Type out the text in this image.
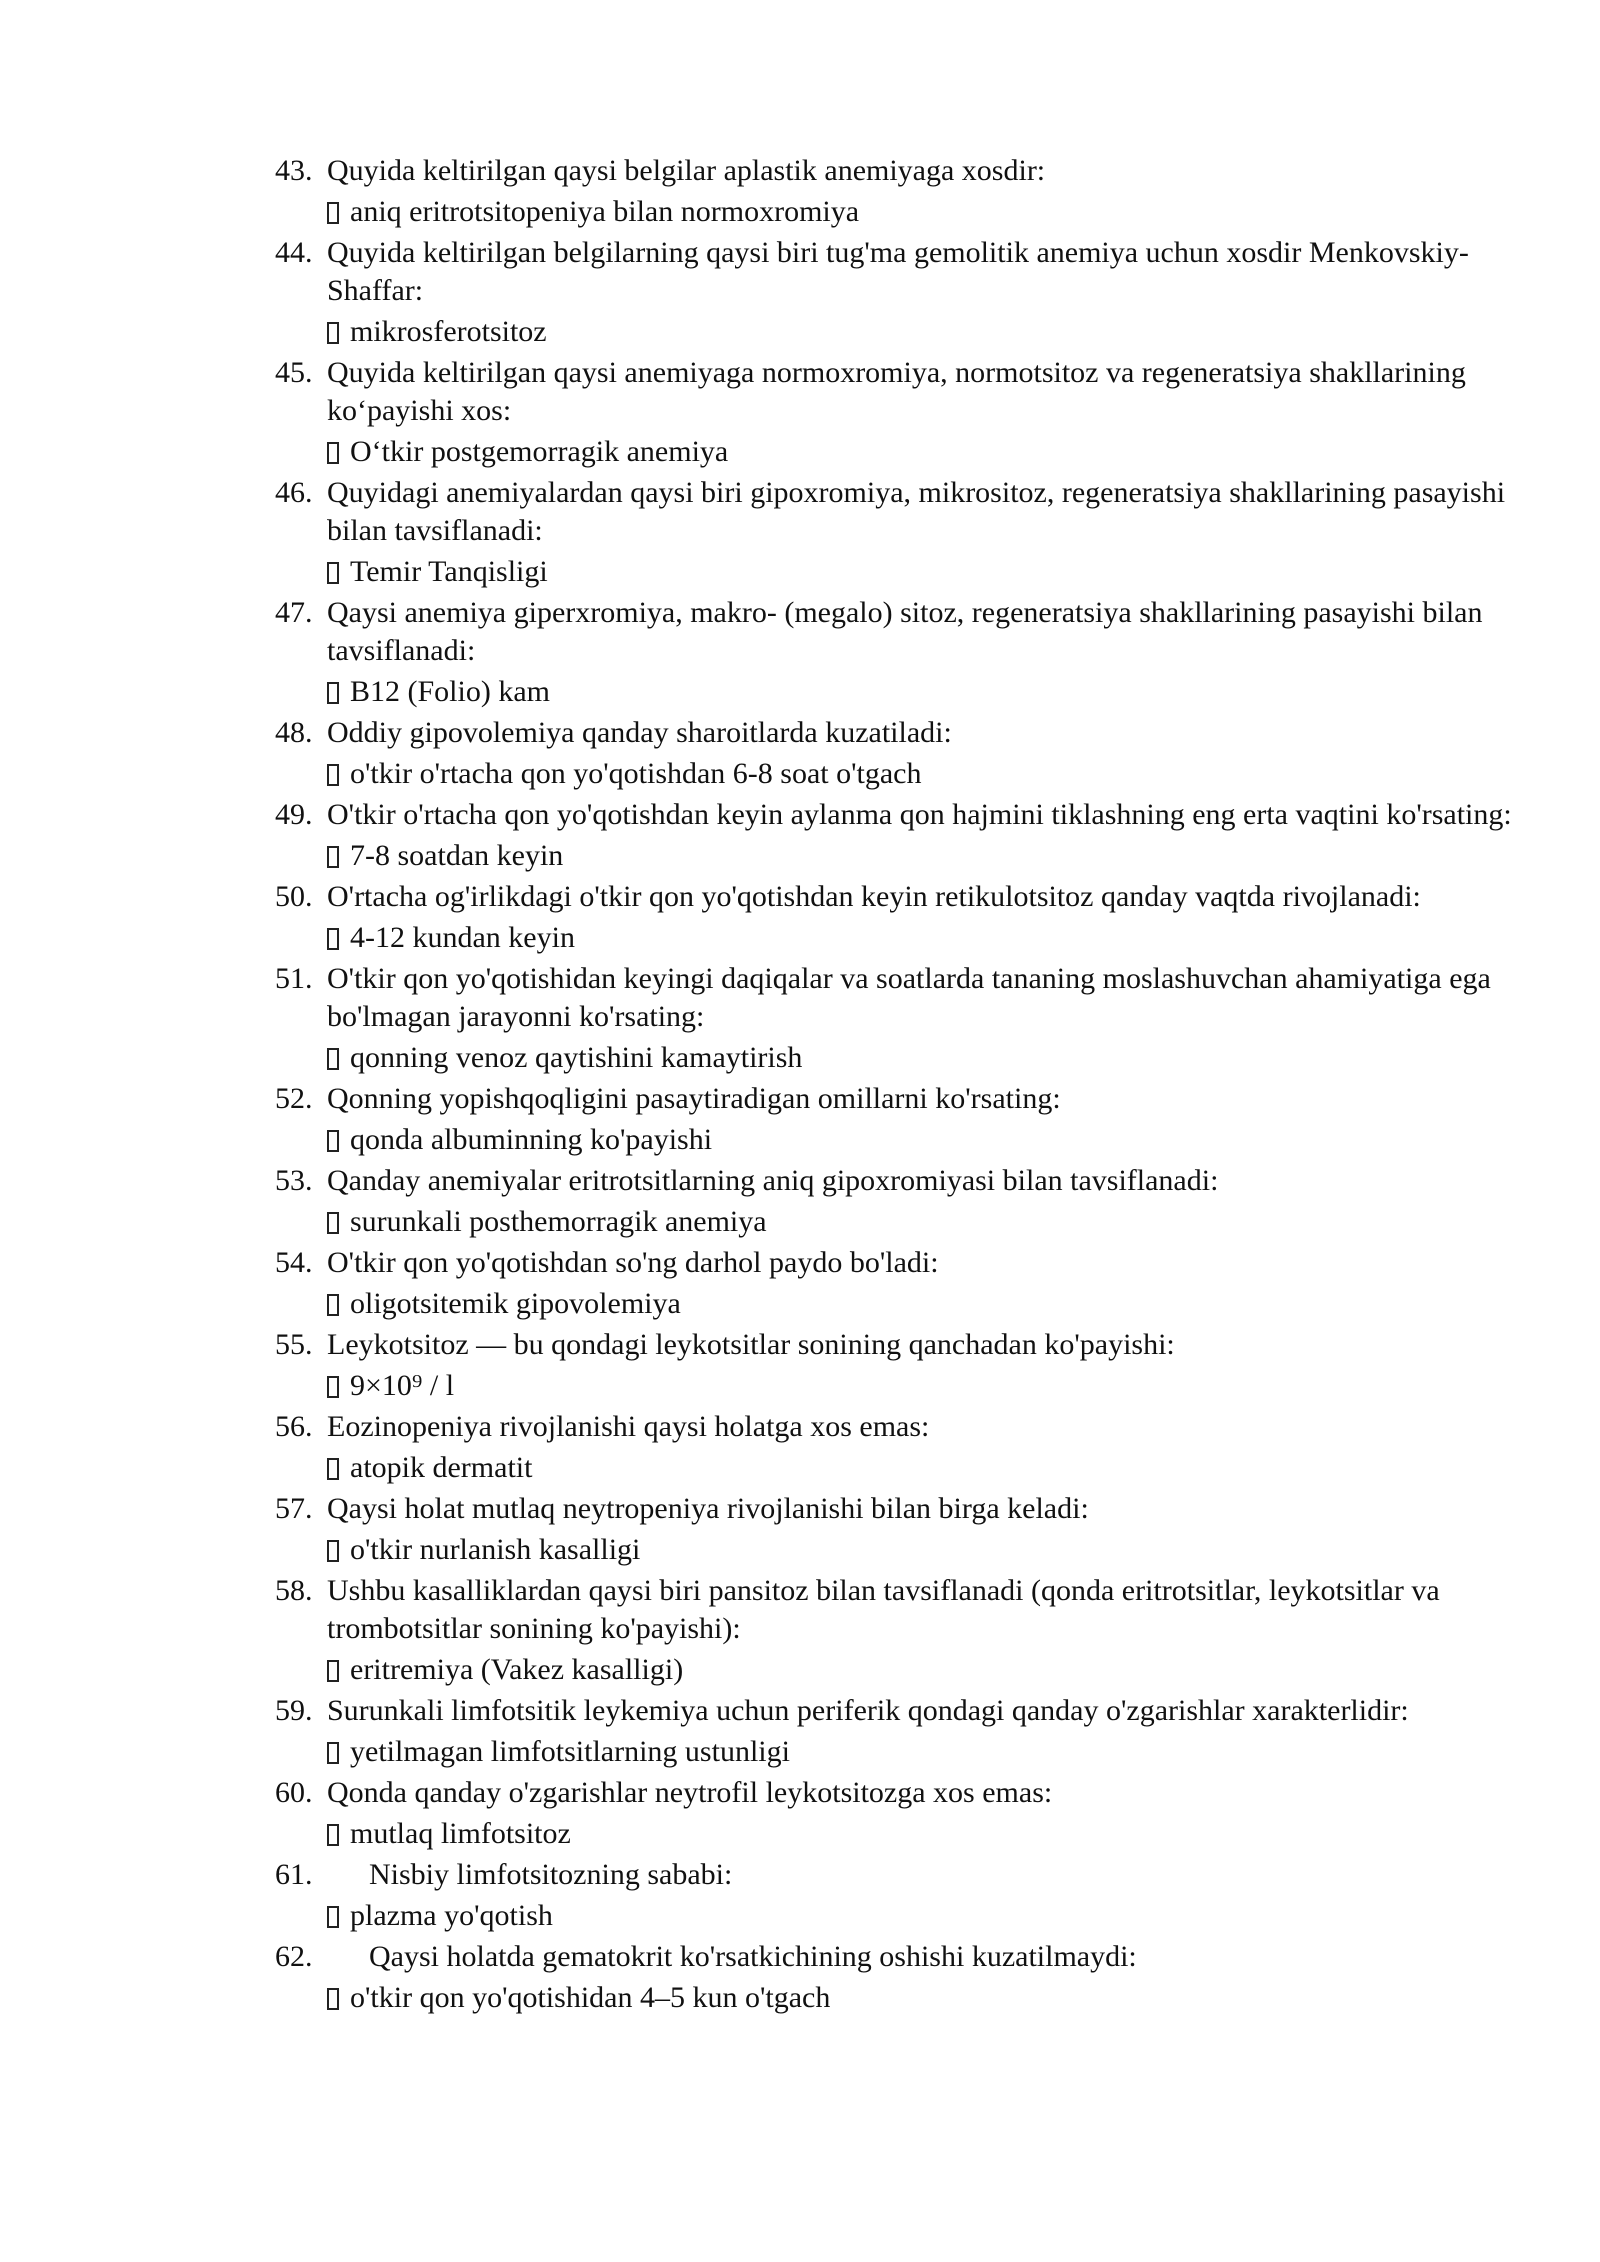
43. Quyida keltirilgan qaysi belgilar aplastik anemiyaga xosdir:
aniq eritrotsitopeniya bilan normoxromiya
44. Quyida keltirilgan belgilarning qaysi biri tug'ma gemolitik anemiya uchun xosdir Menkovskiy-Shaffar:
mikrosferotsitoz
45. Quyida keltirilgan qaysi anemiyaga normoxromiya, normotsitoz va regeneratsiya shakllarining ko‘payishi xos:
O‘tkir postgemorragik anemiya
46. Quyidagi anemiyalardan qaysi biri gipoxromiya, mikrositoz, regeneratsiya shakllarining pasayishi bilan tavsiflanadi:
Temir Tanqisligi
47. Qaysi anemiya giperxromiya, makro- (megalo) sitoz, regeneratsiya shakllarining pasayishi bilan tavsiflanadi:
B12 (Folio) kam
48. Oddiy gipovolemiya qanday sharoitlarda kuzatiladi:
o'tkir o'rtacha qon yo'qotishdan 6-8 soat o'tgach
49. O'tkir o'rtacha qon yo'qotishdan keyin aylanma qon hajmini tiklashning eng erta vaqtini ko'rsating:
7-8 soatdan keyin
50. O'rtacha og'irlikdagi o'tkir qon yo'qotishdan keyin retikulotsitoz qanday vaqtda rivojlanadi:
4-12 kundan keyin
51. O'tkir qon yo'qotishidan keyingi daqiqalar va soatlarda tananing moslashuvchan ahamiyatiga ega bo'lmagan jarayonni ko'rsating:
qonning venoz qaytishini kamaytirish
52. Qonning yopishqoqligini pasaytiradigan omillarni ko'rsating:
qonda albuminning ko'payishi
53. Qanday anemiyalar eritrotsitlarning aniq gipoxromiyasi bilan tavsiflanadi:
surunkali posthemorragik anemiya
54. O'tkir qon yo'qotishdan so'ng darhol paydo bo'ladi:
oligotsitemik gipovolemiya
55. Leykotsitoz — bu qondagi leykotsitlar sonining qanchadan ko'payishi:
9×10⁹ / l
56. Eozinopeniya rivojlanishi qaysi holatga xos emas:
atopik dermatit
57. Qaysi holat mutlaq neytropeniya rivojlanishi bilan birga keladi:
o'tkir nurlanish kasalligi
58. Ushbu kasalliklardan qaysi biri pansitoz bilan tavsiflanadi (qonda eritrotsitlar, leykotsitlar va trombotsitlar sonining ko'payishi):
eritremiya (Vakez kasalligi)
59. Surunkali limfotsitik leykemiya uchun periferik qondagi qanday o'zgarishlar xarakterlidir:
yetilmagan limfotsitlarning ustunligi
60. Qonda qanday o'zgarishlar neytrofil leykotsitozga xos emas:
mutlaq limfotsitoz
61. Nisbiy limfotsitozning sababi:
plazma yo'qotish
62. Qaysi holatda gematokrit ko'rsatkichining oshishi kuzatilmaydi:
o'tkir qon yo'qotishidan 4–5 kun o'tgach
